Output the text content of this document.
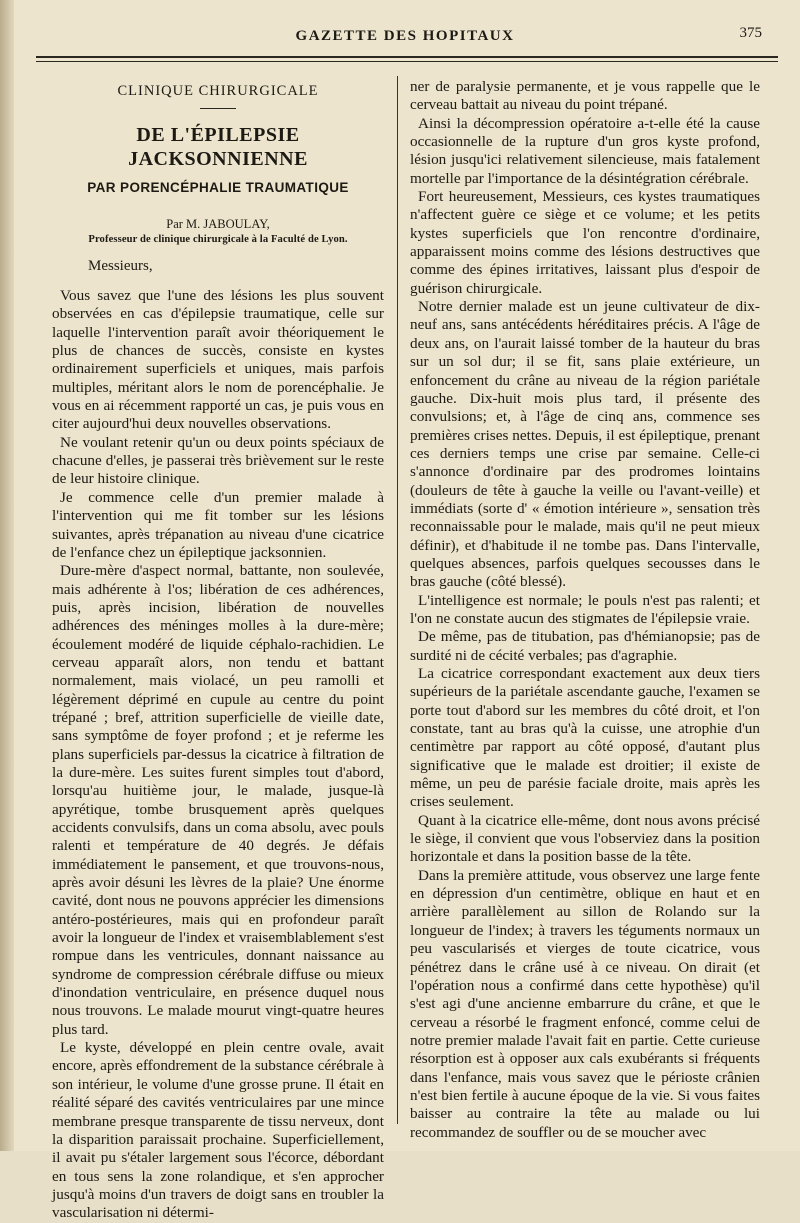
GAZETTE DES HOPITAUX	375
CLINIQUE CHIRURGICALE
DE L'ÉPILEPSIE JACKSONNIENNE
PAR PORENCÉPHALIE TRAUMATIQUE
Par M. JABOULAY,
Professeur de clinique chirurgicale à la Faculté de Lyon.
Messieurs,

Vous savez que l'une des lésions les plus souvent observées en cas d'épilepsie traumatique, celle sur laquelle l'intervention paraît avoir théoriquement le plus de chances de succès, consiste en kystes ordinairement superficiels et uniques, mais parfois multiples, méritant alors le nom de porencéphalie. Je vous en ai récemment rapporté un cas, je puis vous en citer aujourd'hui deux nouvelles observations.

Ne voulant retenir qu'un ou deux points spéciaux de chacune d'elles, je passerai très brièvement sur le reste de leur histoire clinique.

Je commence celle d'un premier malade à l'intervention qui me fit tomber sur les lésions suivantes, après trépanation au niveau d'une cicatrice de l'enfance chez un épileptique jacksonnien.

Dure-mère d'aspect normal, battante, non soulevée, mais adhérente à l'os; libération de ces adhérences, puis, après incision, libération de nouvelles adhérences des méninges molles à la dure-mère; écoulement modéré de liquide céphalo-rachidien. Le cerveau apparaît alors, non tendu et battant normalement, mais violacé, un peu ramolli et légèrement déprimé en cupule au centre du point trépané ; bref, attrition superficielle de vieille date, sans symptôme de foyer profond ; et je referme les plans superficiels par-dessus la cicatrice à filtration de la dure-mère. Les suites furent simples tout d'abord, lorsqu'au huitième jour, le malade, jusque-là apyrétique, tombe brusquement après quelques accidents convulsifs, dans un coma absolu, avec pouls ralenti et température de 40 degrés. Je défais immédiatement le pansement, et que trouvons-nous, après avoir désuni les lèvres de la plaie? Une énorme cavité, dont nous ne pouvons apprécier les dimensions antéro-postérieures, mais qui en profondeur paraît avoir la longueur de l'index et vraisemblablement s'est rompue dans les ventricules, donnant naissance au syndrome de compression cérébrale diffuse ou mieux d'inondation ventriculaire, en présence duquel nous nous trouvons. Le malade mourut vingt-quatre heures plus tard.

Le kyste, développé en plein centre ovale, avait encore, après effondrement de la substance cérébrale à son intérieur, le volume d'une grosse prune. Il était en réalité séparé des cavités ventriculaires par une mince membrane presque transparente de tissu nerveux, dont la disparition paraissait prochaine. Superficiellement, il avait pu s'étaler largement sous l'écorce, débordant en tous sens la zone rolandique, et s'en approcher jusqu'à moins d'un travers de doigt sans en troubler la vascularisation ni détermi-

ner de paralysie permanente, et je vous rappelle que le cerveau battait au niveau du point trépané.

Ainsi la décompression opératoire a-t-elle été la cause occasionnelle de la rupture d'un gros kyste profond, lésion jusqu'ici relativement silencieuse, mais fatalement mortelle par l'importance de la désintégration cérébrale.

Fort heureusement, Messieurs, ces kystes traumatiques n'affectent guère ce siège et ce volume; et les petits kystes superficiels que l'on rencontre d'ordinaire, apparaissent moins comme des lésions destructives que comme des épines irritatives, laissant plus d'espoir de guérison chirurgicale.

Notre dernier malade est un jeune cultivateur de dix-neuf ans, sans antécédents héréditaires précis. A l'âge de deux ans, on l'aurait laissé tomber de la hauteur du bras sur un sol dur; il se fit, sans plaie extérieure, un enfoncement du crâne au niveau de la région pariétale gauche. Dix-huit mois plus tard, il présente des convulsions; et, à l'âge de cinq ans, commence ses premières crises nettes. Depuis, il est épileptique, prenant ces derniers temps une crise par semaine. Celle-ci s'annonce d'ordinaire par des prodromes lointains (douleurs de tête à gauche la veille ou l'avant-veille) et immédiats (sorte d' « émotion intérieure », sensation très reconnaissable pour le malade, mais qu'il ne peut mieux définir), et d'habitude il ne tombe pas. Dans l'intervalle, quelques absences, parfois quelques secousses dans le bras gauche (côté blessé).

L'intelligence est normale; le pouls n'est pas ralenti; et l'on ne constate aucun des stigmates de l'épilepsie vraie.

De même, pas de titubation, pas d'hémianopsie; pas de surdité ni de cécité verbales; pas d'agraphie.

La cicatrice correspondant exactement aux deux tiers supérieurs de la pariétale ascendante gauche, l'examen se porte tout d'abord sur les membres du côté droit, et l'on constate, tant au bras qu'à la cuisse, une atrophie d'un centimètre par rapport au côté opposé, d'autant plus significative que le malade est droitier; il existe de même, un peu de parésie faciale droite, mais après les crises seulement.

Quant à la cicatrice elle-même, dont nous avons précisé le siège, il convient que vous l'observiez dans la position horizontale et dans la position basse de la tête.

Dans la première attitude, vous observez une large fente en dépression d'un centimètre, oblique en haut et en arrière parallèlement au sillon de Rolando sur la longueur de l'index; à travers les téguments normaux un peu vascularisés et vierges de toute cicatrice, vous pénétrez dans le crâne usé à ce niveau. On dirait (et l'opération nous a confirmé dans cette hypothèse) qu'il s'est agi d'une ancienne embarrure du crâne, et que le cerveau a résorbé le fragment enfoncé, comme celui de notre premier malade l'avait fait en partie. Cette curieuse résorption est à opposer aux cals exubérants si fréquents dans l'enfance, mais vous savez que le périoste crânien n'est bien fertile à aucune époque de la vie. Si vous faites baisser au contraire la tête au malade ou lui recommandez de souffler ou de se moucher avec
